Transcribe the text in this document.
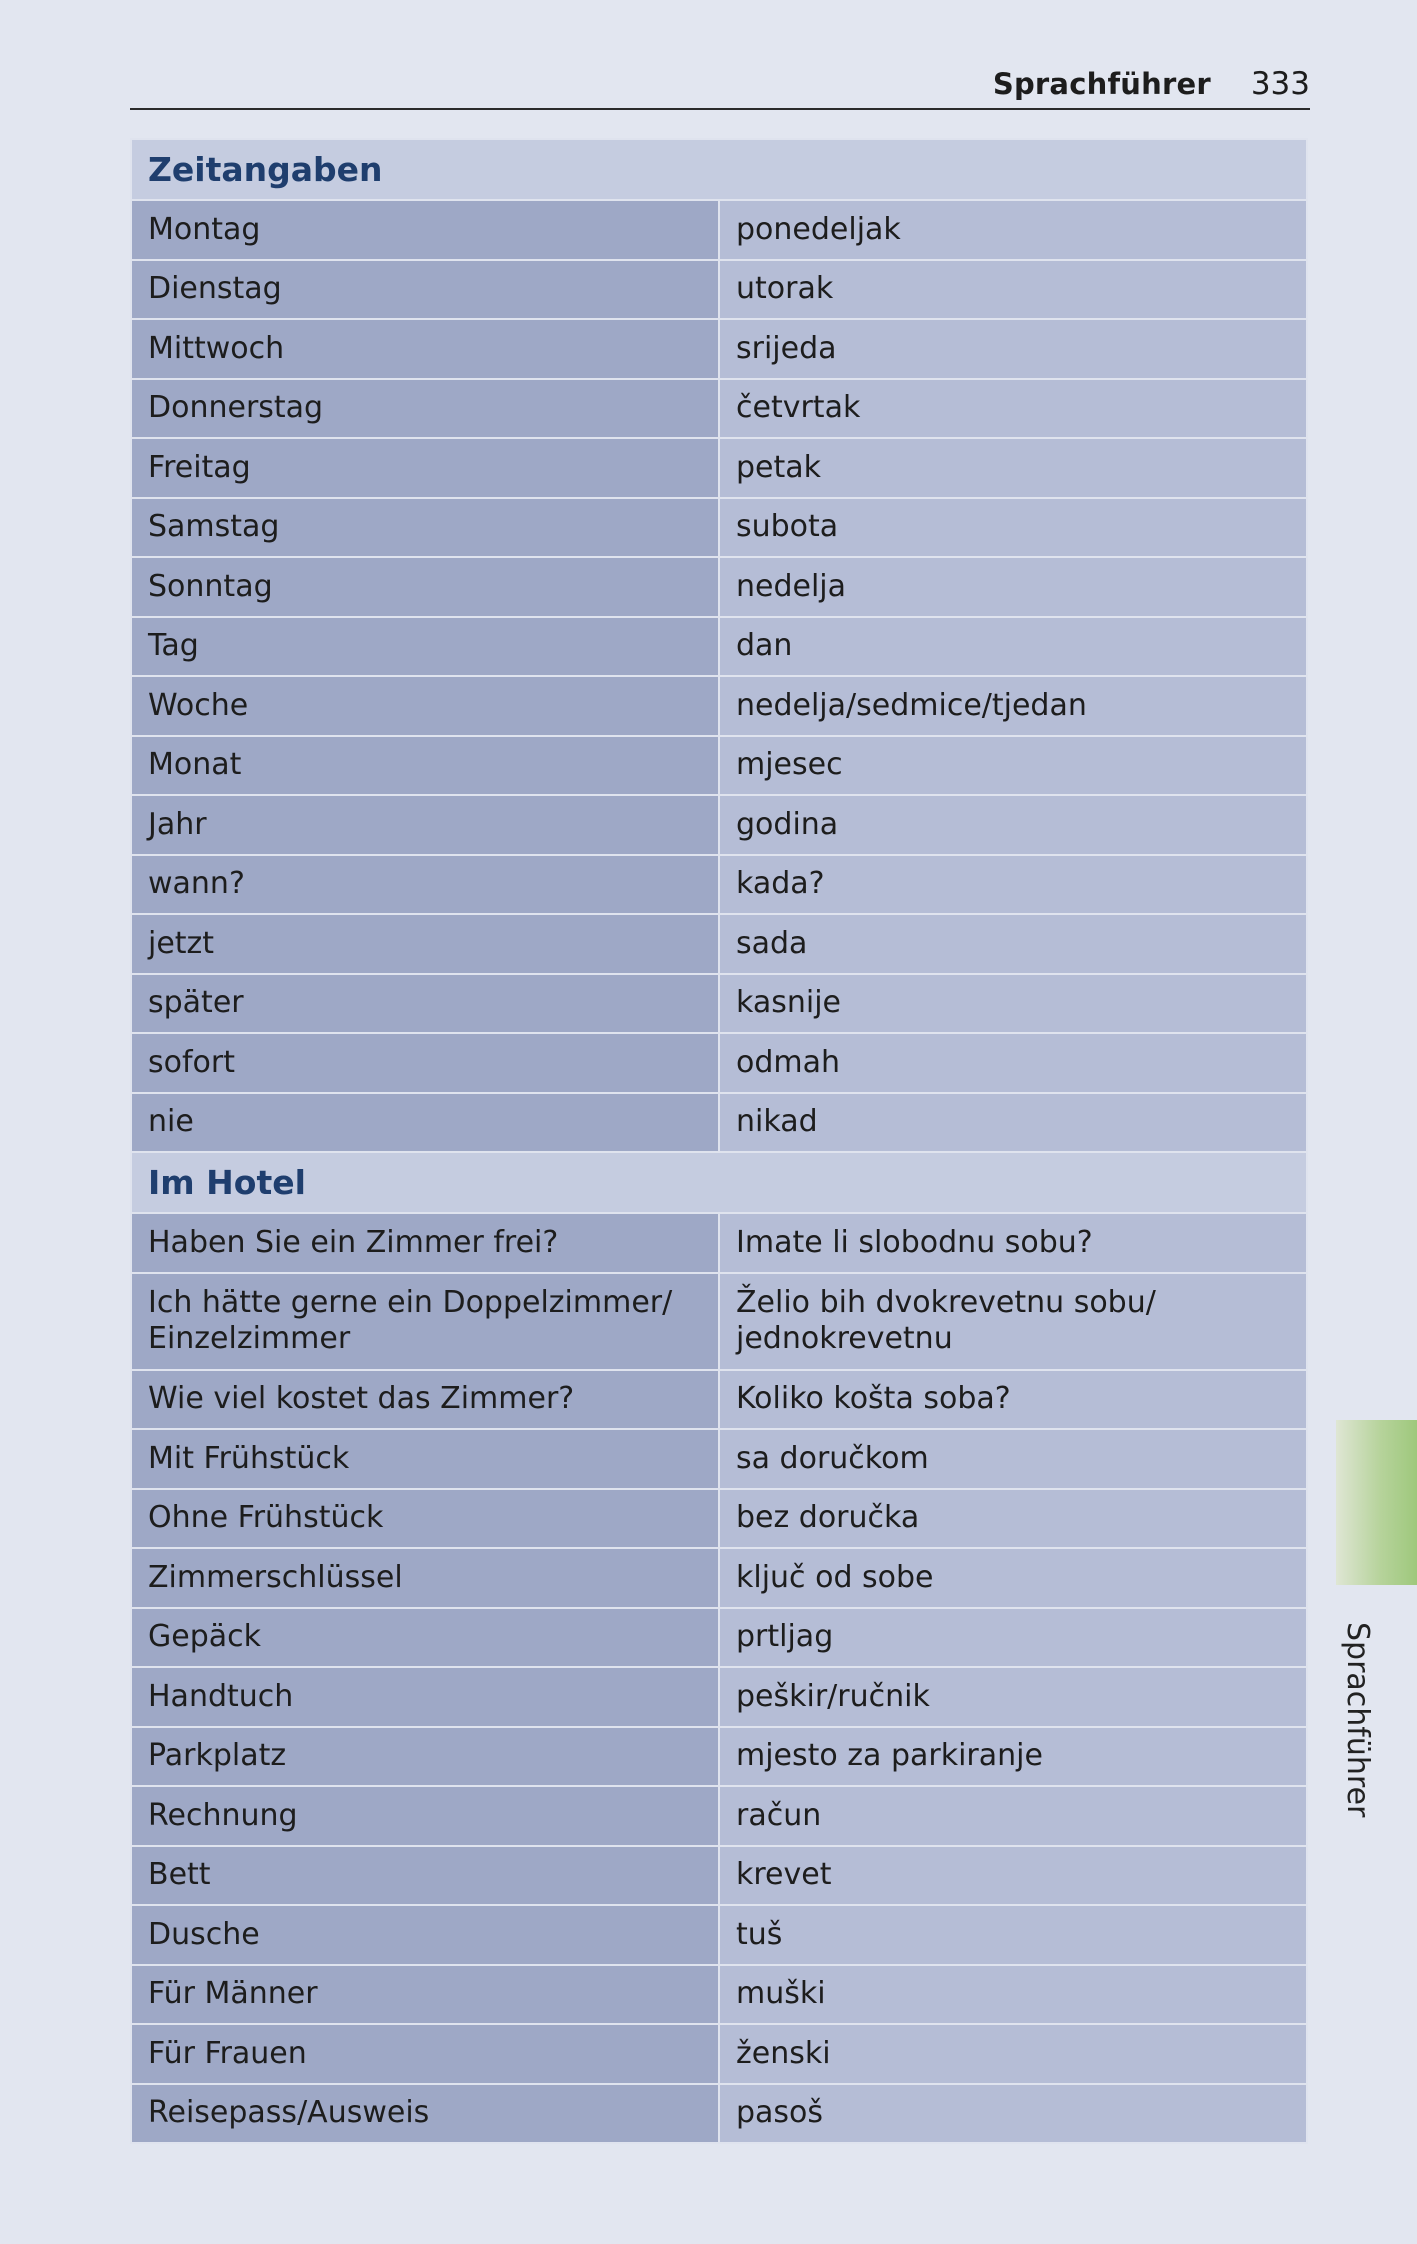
Sprachführer 333
Zeitangaben	
Montag	ponedeljak
Dienstag	utorak
Mittwoch	srijeda
Donnerstag	četvrtak
Freitag	petak
Samstag	subota
Sonntag	nedelja
Tag	dan
Woche	nedelja/sedmice/tjedan
Monat	mjesec
Jahr	godina
wann?	kada?
jetzt	sada
später	kasnije
sofort	odmah
nie	nikad
Im Hotel	
Haben Sie ein Zimmer frei?	Imate li slobodnu sobu?
Ich hätte gerne ein Doppelzimmer/ Einzelzimmer	Želio bih dvokrevetnu sobu/ jednokrevetnu
Wie viel kostet das Zimmer?	Koliko košta soba?
Mit Frühstück	sa doručkom
Ohne Frühstück	bez doručka
Zimmerschlüssel	ključ od sobe
Gepäck	prtljag
Handtuch	peškir/ručnik
Parkplatz	mjesto za parkiranje
Rechnung	račun
Bett	krevet
Dusche	tuš
Für Männer	muški
Für Frauen	ženski
Reisepass/Ausweis	pasoš
Sprachführer
